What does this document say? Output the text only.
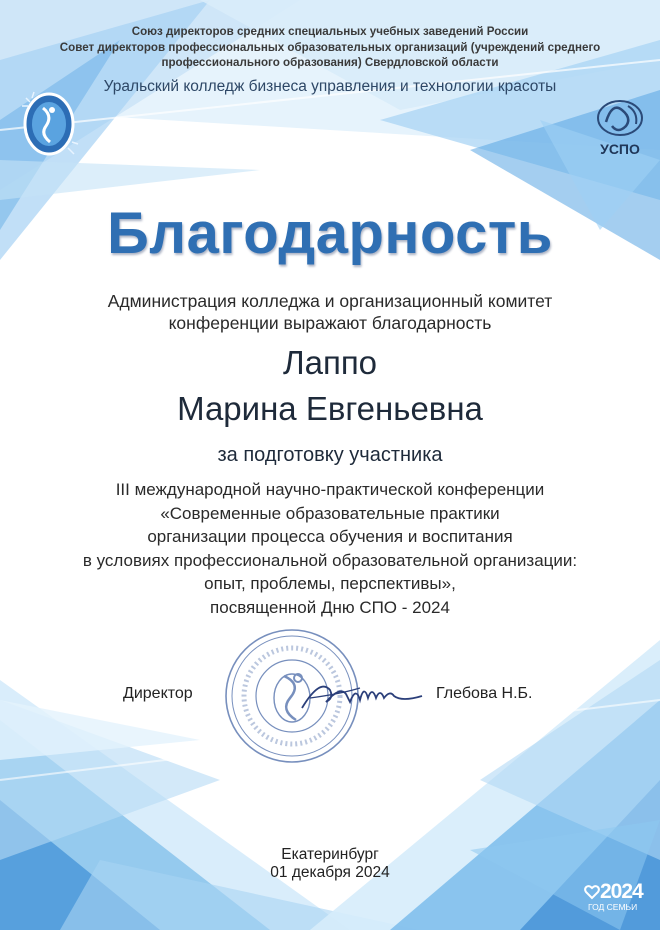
Союз директоров средних специальных учебных заведений России
Совет директоров профессиональных образовательных организаций (учреждений среднего
профессионального образования) Свердловской области
Уральский колледж бизнеса управления и технологии красоты
УСПО
Благодарность
Администрация колледжа и организационный комитет
конференции выражают благодарность
Лаппо
Марина Евгеньевна
за подготовку участника
III международной научно-практической конференции
«Современные образовательные практики
организации процесса обучения и воспитания
в условиях профессиональной образовательной организации:
опыт, проблемы, перспективы»,
посвященной Дню СПО - 2024
Директор	Глебова Н.Б.
Екатеринбург
01 декабря 2024
2024
ГОД СЕМЬИ
